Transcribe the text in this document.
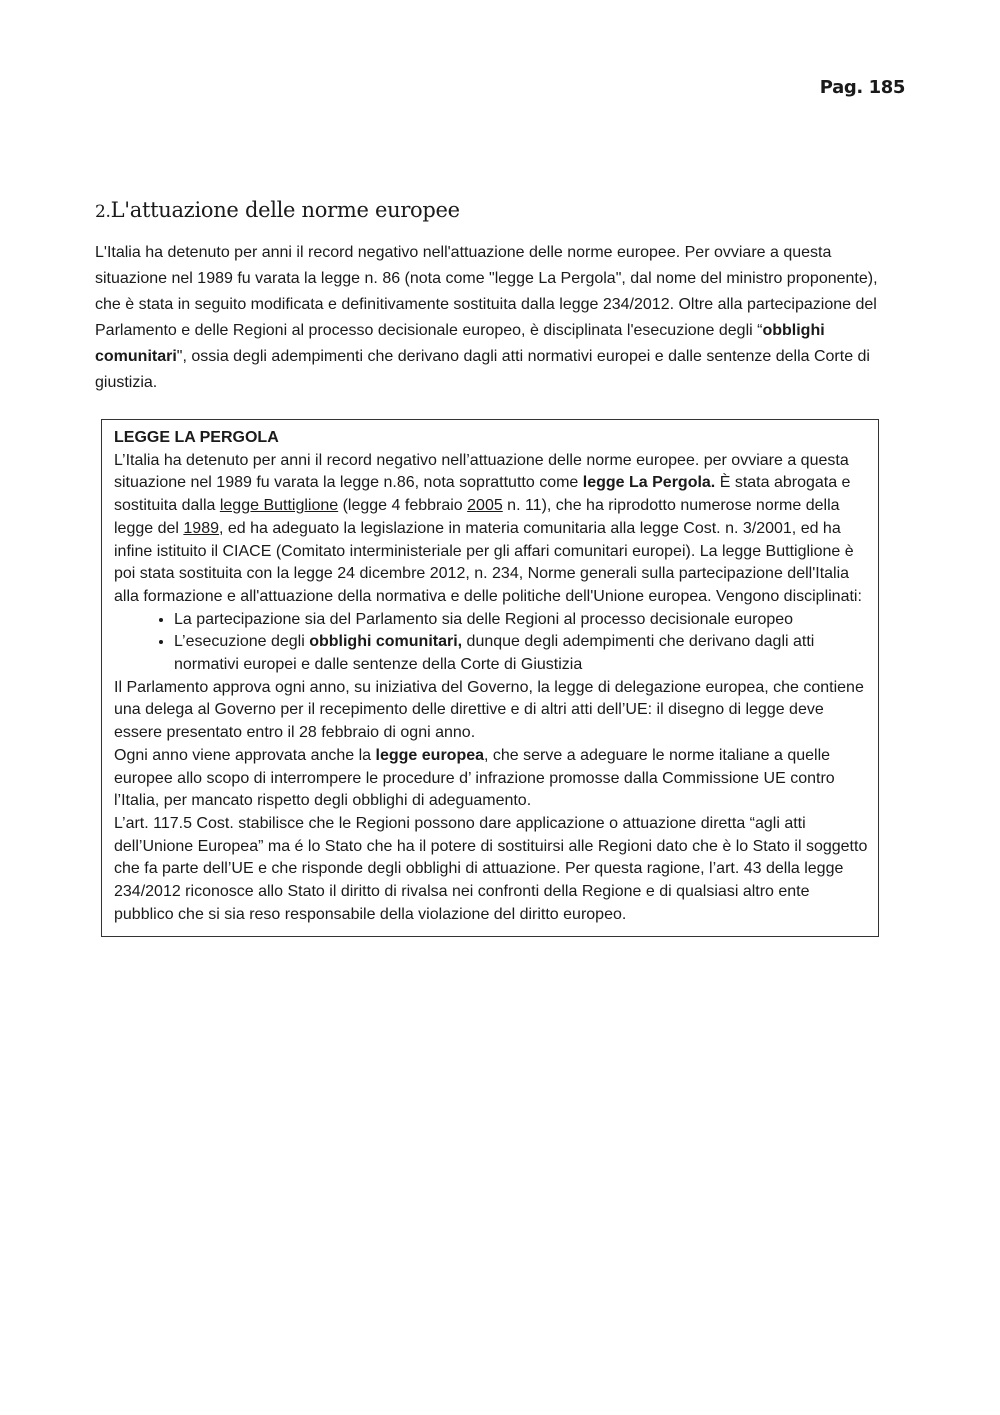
Pag. 185
2.L'attuazione delle norme europee

L'Italia ha detenuto per anni il record negativo nell'attuazione delle norme europee. Per ovviare a questa situazione nel 1989 fu varata la legge n. 86 (nota come "legge La Pergola", dal nome del ministro proponente), che è stata in seguito modificata e definitivamente sostituita dalla legge 234/2012. Oltre alla partecipazione del Parlamento e delle Regioni al processo decisionale europeo, è disciplinata l'esecuzione degli “obblighi comunitari", ossia degli adempimenti che derivano dagli atti normativi europei e dalle sentenze della Corte di giustizia.

LEGGE LA PERGOLA

L’Italia ha detenuto per anni il record negativo nell’attuazione delle norme europee. per ovviare a questa situazione nel 1989 fu varata la legge n.86, nota soprattutto come legge La Pergola. È stata abrogata e sostituita dalla legge Buttiglione (legge 4 febbraio 2005 n. 11), che ha riprodotto numerose norme della legge del 1989, ed ha adeguato la legislazione in materia comunitaria alla legge Cost. n. 3/2001, ed ha infine istituito il CIACE (Comitato interministeriale per gli affari comunitari europei). La legge Buttiglione è poi stata sostituita con la legge 24 dicembre 2012, n. 234, Norme generali sulla partecipazione dell'Italia alla formazione e all'attuazione della normativa e delle politiche dell'Unione europea. Vengono disciplinati:

• La partecipazione sia del Parlamento sia delle Regioni al processo decisionale europeo
• L’esecuzione degli obblighi comunitari, dunque degli adempimenti che derivano dagli atti normativi europei e dalle sentenze della Corte di Giustizia

Il Parlamento approva ogni anno, su iniziativa del Governo, la legge di delegazione europea, che contiene una delega al Governo per il recepimento delle direttive e di altri atti dell’UE: il disegno di legge deve essere presentato entro il 28 febbraio di ogni anno.

Ogni anno viene approvata anche la legge europea, che serve a adeguare le norme italiane a quelle europee allo scopo di interrompere le procedure d’ infrazione promosse dalla Commissione UE contro l’Italia, per mancato rispetto degli obblighi di adeguamento.

L’art. 117.5 Cost. stabilisce che le Regioni possono dare applicazione o attuazione diretta “agli atti dell’Unione Europea” ma é lo Stato che ha il potere di sostituirsi alle Regioni dato che è lo Stato il soggetto che fa parte dell’UE e che risponde degli obblighi di attuazione. Per questa ragione, l’art. 43 della legge 234/2012 riconosce allo Stato il diritto di rivalsa nei confronti della Regione e di qualsiasi altro ente pubblico che si sia reso responsabile della violazione del diritto europeo.
